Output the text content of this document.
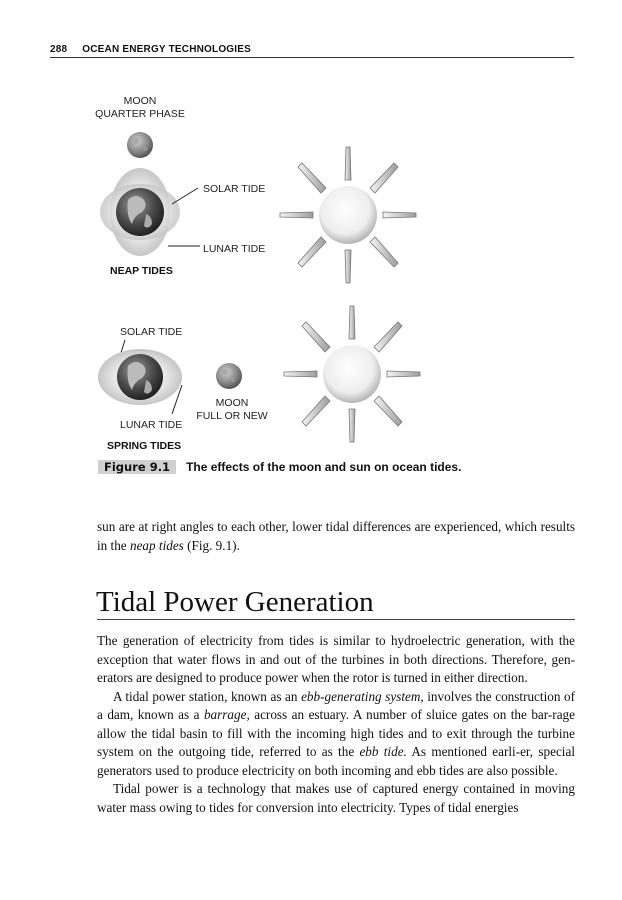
288 OCEAN ENERGY TECHNOLOGIES
MOON
QUARTER PHASE
SOLAR TIDE
LUNAR TIDE
NEAP TIDES
SOLAR TIDE
LUNAR TIDE
MOON
FULL OR NEW
SPRING TIDES
Figure 9.1 The effects of the moon and sun on ocean tides.
sun are at right angles to each other, lower tidal differences are experienced, which results in the neap tides (Fig. 9.1).
Tidal Power Generation
The generation of electricity from tides is similar to hydroelectric generation, with the exception that water flows in and out of the turbines in both directions. Therefore, gen-erators are designed to produce power when the rotor is turned in either direction.
A tidal power station, known as an ebb-generating system, involves the construction of a dam, known as a barrage, across an estuary. A number of sluice gates on the bar-rage allow the tidal basin to fill with the incoming high tides and to exit through the turbine system on the outgoing tide, referred to as the ebb tide. As mentioned earli-er, special generators used to produce electricity on both incoming and ebb tides are also possible.
Tidal power is a technology that makes use of captured energy contained in moving water mass owing to tides for conversion into electricity. Types of tidal energies
